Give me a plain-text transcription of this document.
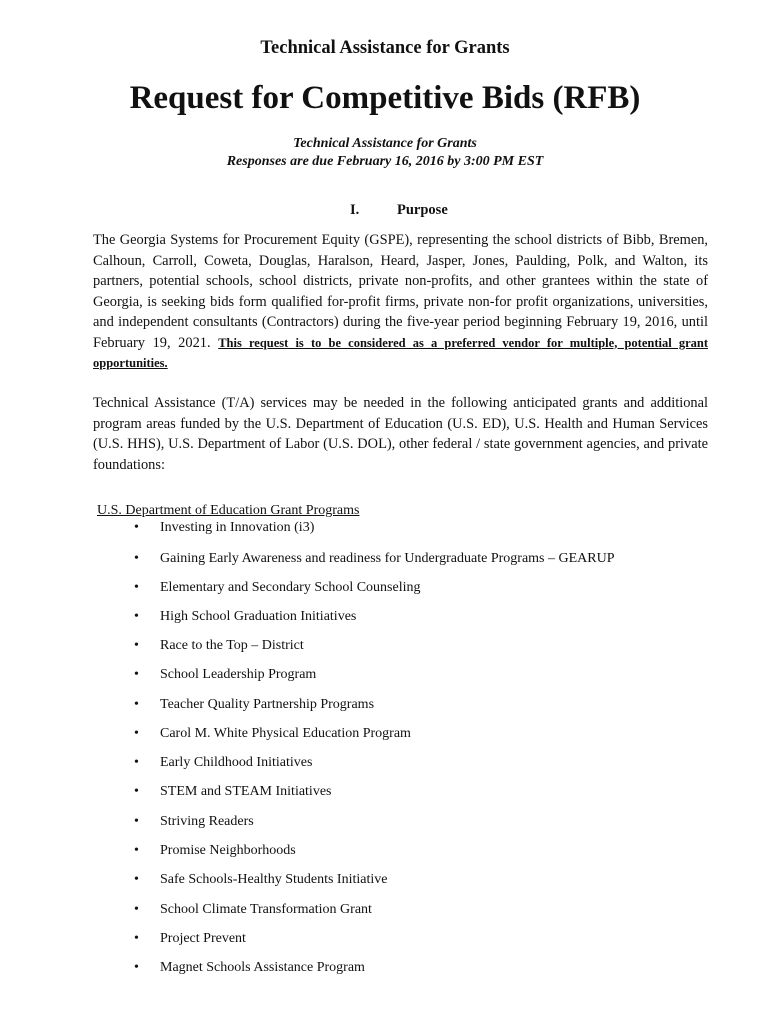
Technical Assistance for Grants
Request for Competitive Bids (RFB)
Technical Assistance for Grants
Responses are due February 16, 2016 by 3:00 PM EST
I.	Purpose

The Georgia Systems for Procurement Equity (GSPE), representing the school districts of Bibb, Bremen, Calhoun, Carroll, Coweta, Douglas, Haralson, Heard, Jasper, Jones, Paulding, Polk, and Walton, its partners, potential schools, school districts, private non-profits, and other grantees within the state of Georgia, is seeking bids form qualified for-profit firms, private non-for profit organizations, universities, and independent consultants (Contractors) during the five-year period beginning February 19, 2016, until February 19, 2021. This request is to be considered as a preferred vendor for multiple, potential grant opportunities.

Technical Assistance (T/A) services may be needed in the following anticipated grants and additional program areas funded by the U.S. Department of Education (U.S. ED), U.S. Health and Human Services (U.S. HHS), U.S. Department of Labor (U.S. DOL), other federal / state government agencies, and private foundations:

U.S. Department of Education Grant Programs
• Investing in Innovation (i3)
• Gaining Early Awareness and readiness for Undergraduate Programs – GEARUP
• Elementary and Secondary School Counseling
• High School Graduation Initiatives
• Race to the Top – District
• School Leadership Program
• Teacher Quality Partnership Programs
• Carol M. White Physical Education Program
• Early Childhood Initiatives
• STEM and STEAM Initiatives
• Striving Readers
• Promise Neighborhoods
• Safe Schools-Healthy Students Initiative
• School Climate Transformation Grant
• Project Prevent
• Magnet Schools Assistance Program
